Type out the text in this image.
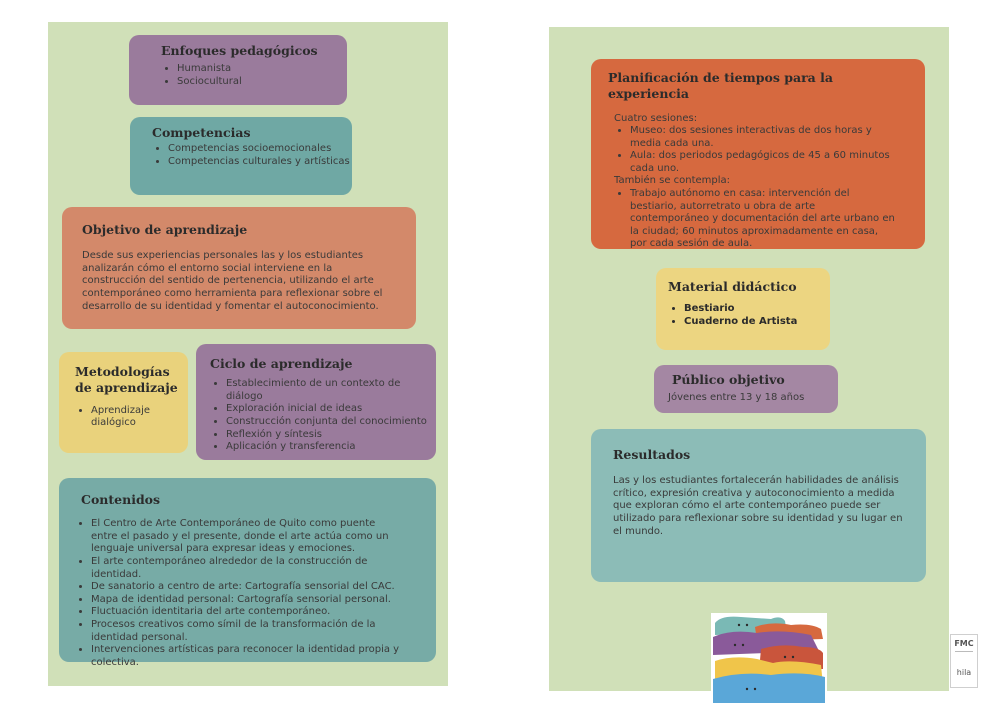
Enfoques pedagógicos
• Humanista
• Sociocultural
Competencias
• Competencias socioemocionales
• Competencias culturales y artísticas
Objetivo de aprendizaje

Desde sus experiencias personales las y los estudiantes analizarán cómo el entorno social interviene en la construcción del sentido de pertenencia, utilizando el arte contemporáneo como herramienta para reflexionar sobre el desarrollo de su identidad y fomentar el autoconocimiento.

Metodologías de aprendizaje
• Aprendizaje dialógico
Ciclo de aprendizaje
• Establecimiento de un contexto de diálogo
• Exploración inicial de ideas
• Construcción conjunta del conocimiento
• Reflexión y síntesis
• Aplicación y transferencia
Contenidos
• El Centro de Arte Contemporáneo de Quito como puente entre el pasado y el presente, donde el arte actúa como un lenguaje universal para expresar ideas y emociones.
• El arte contemporáneo alrededor de la construcción de identidad.
• De sanatorio a centro de arte: Cartografía sensorial del CAC.
• Mapa de identidad personal: Cartografía sensorial personal.
• Fluctuación identitaria del arte contemporáneo.
• Procesos creativos como símil de la transformación de la identidad personal.
• Intervenciones artísticas para reconocer la identidad propia y colectiva.
Planificación de tiempos para la experiencia
Cuatro sesiones:
• Museo: dos sesiones interactivas de dos horas y media cada una.
• Aula: dos periodos pedagógicos de 45 a 60 minutos cada uno.
También se contempla:
• Trabajo autónomo en casa: intervención del bestiario, autorretrato u obra de arte contemporáneo y documentación del arte urbano en la ciudad; 60 minutos aproximadamente en casa, por cada sesión de aula.
Material didáctico
• Bestiario
• Cuaderno de Artista
Público objetivo
Jóvenes entre 13 y 18 años
Resultados

Las y los estudiantes fortalecerán habilidades de análisis crítico, expresión creativa y autoconocimiento a medida que exploran cómo el arte contemporáneo puede ser utilizado para reflexionar sobre su identidad y su lugar en el mundo.

FMC
hila
